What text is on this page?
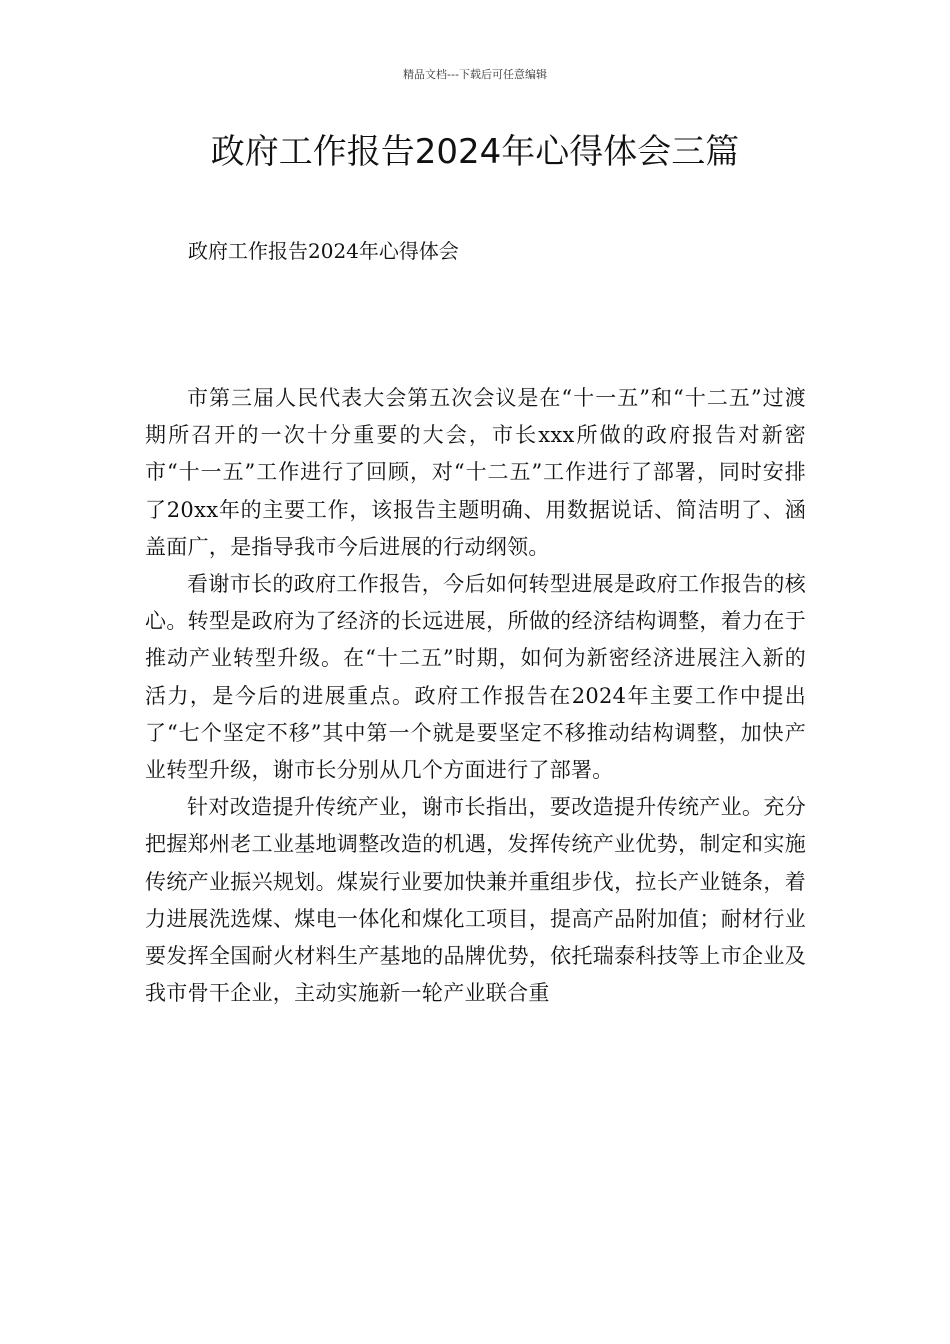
精品文档---下载后可任意编辑
政府工作报告2024年心得体会三篇

政府工作报告2024年心得体会

市第三届人民代表大会第五次会议是在“十一五”和“十二五”过渡期所召开的一次十分重要的大会，市长xxx所做的政府报告对新密市“十一五”工作进行了回顾，对“十二五”工作进行了部署，同时安排了20xx年的主要工作，该报告主题明确、用数据说话、简洁明了、涵盖面广，是指导我市今后进展的行动纲领。

看谢市长的政府工作报告，今后如何转型进展是政府工作报告的核心。转型是政府为了经济的长远进展，所做的经济结构调整，着力在于推动产业转型升级。在“十二五”时期，如何为新密经济进展注入新的活力，是今后的进展重点。政府工作报告在2024年主要工作中提出了“七个坚定不移”其中第一个就是要坚定不移推动结构调整，加快产业转型升级，谢市长分别从几个方面进行了部署。

针对改造提升传统产业，谢市长指出，要改造提升传统产业。充分把握郑州老工业基地调整改造的机遇，发挥传统产业优势，制定和实施传统产业振兴规划。煤炭行业要加快兼并重组步伐，拉长产业链条，着力进展洗选煤、煤电一体化和煤化工项目，提高产品附加值；耐材行业要发挥全国耐火材料生产基地的品牌优势，依托瑞泰科技等上市企业及我市骨干企业，主动实施新一轮产业联合重
